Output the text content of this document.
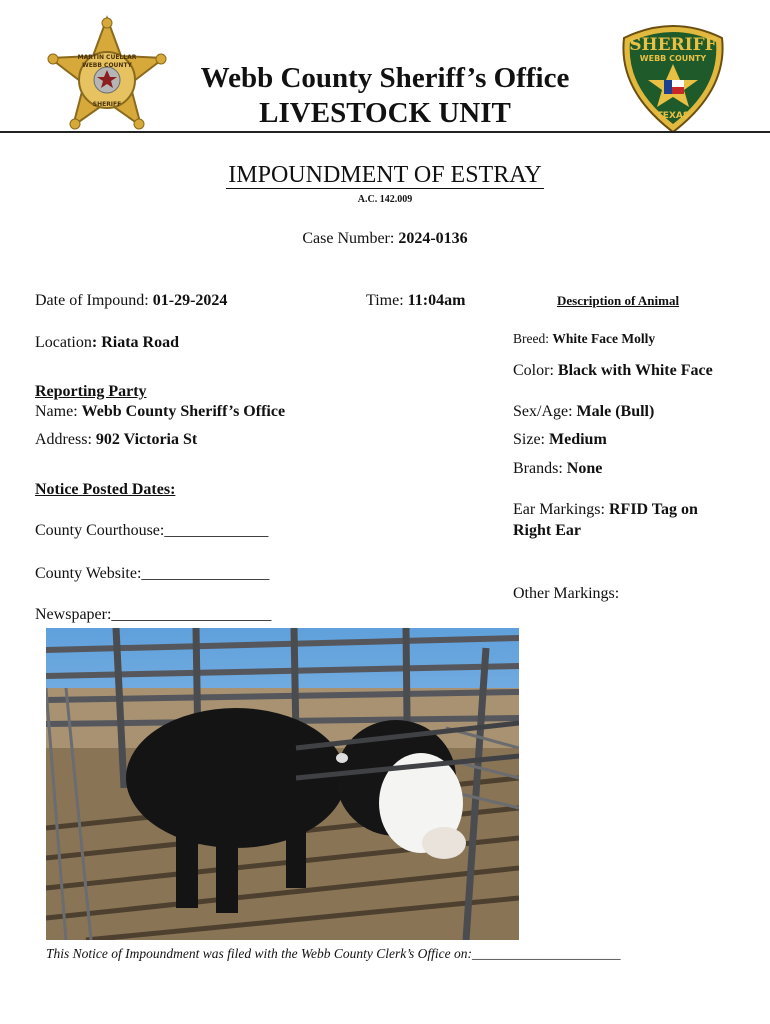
MARTIN CUELLAR
WEBB COUNTY
SHERIFF
SHERIFF
WEBB COUNTY
TEXAS
Webb County Sheriff’s Office
LIVESTOCK UNIT
IMPOUNDMENT OF ESTRAY
A.C. 142.009
Case Number: 2024-0136
Date of Impound: 01-29-2024	Time: 11:04am
Location: Riata Road
Reporting Party
Name: Webb County Sheriff’s Office
Address: 902 Victoria St
Notice Posted Dates:
County Courthouse:_____________
County Website:________________
Newspaper:____________________
Description of Animal
Breed: White Face Molly
Color: Black with White Face
Sex/Age: Male (Bull)
Size: Medium
Brands: None
Ear Markings: RFID Tag on
Right Ear
Other Markings:
This Notice of Impoundment was filed with the Webb County Clerk’s Office on:______________________
